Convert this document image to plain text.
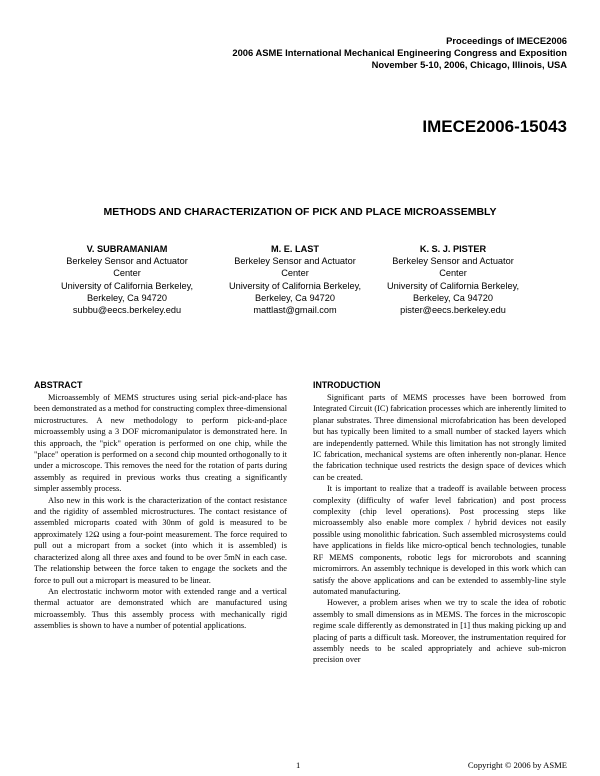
Proceedings of IMECE2006
2006 ASME International Mechanical Engineering Congress and Exposition
November 5-10, 2006, Chicago, Illinois, USA
IMECE2006-15043
METHODS AND CHARACTERIZATION OF PICK AND PLACE MICROASSEMBLY
V. SUBRAMANIAM
Berkeley Sensor and Actuator
Center
University of California Berkeley,
Berkeley, Ca 94720
subbu@eecs.berkeley.edu
M. E. LAST
Berkeley Sensor and Actuator
Center
University of California Berkeley,
Berkeley, Ca 94720
mattlast@gmail.com
K. S. J. PISTER
Berkeley Sensor and Actuator
Center
University of California Berkeley,
Berkeley, Ca 94720
pister@eecs.berkeley.edu
ABSTRACT

Microassembly of MEMS structures using serial pick-and-place has been demonstrated as a method for constructing complex three-dimensional microstructures. A new methodology to perform pick-and-place microassembly using a 3 DOF micromanipulator is demonstrated here. In this approach, the "pick" operation is performed on one chip, while the "place" operation is performed on a second chip mounted orthogonally to it under a microscope. This removes the need for the rotation of parts during assembly as required in previous works thus creating a significantly simpler assembly process.

Also new in this work is the characterization of the contact resistance and the rigidity of assembled microstructures. The contact resistance of assembled microparts coated with 30nm of gold is measured to be approximately 12Ω using a four-point measurement. The force required to pull out a micropart from a socket (into which it is assembled) is characterized along all three axes and found to be over 5mN in each case. The relationship between the force taken to engage the sockets and the force to pull out a micropart is measured to be linear.

An electrostatic inchworm motor with extended range and a vertical thermal actuator are demonstrated which are manufactured using microassembly. Thus this assembly process with mechanically rigid assemblies is shown to have a number of potential applications.

INTRODUCTION

Significant parts of MEMS processes have been borrowed from Integrated Circuit (IC) fabrication processes which are inherently limited to planar substrates. Three dimensional microfabrication has been developed but has typically been limited to a small number of stacked layers which are independently patterned. While this limitation has not strongly limited IC fabrication, mechanical systems are often inherently non-planar. Hence the fabrication technique used restricts the design space of devices which can be created.

It is important to realize that a tradeoff is available between process complexity (difficulty of wafer level fabrication) and post process complexity (chip level operations). Post processing steps like microassembly also enable more complex / hybrid devices not easily possible using monolithic fabrication. Such assembled microsystems could have applications in fields like micro-optical bench technologies, tunable RF MEMS components, robotic legs for microrobots and scanning micromirrors. An assembly technique is developed in this work which can satisfy the above applications and can be extended to assembly-line style automated manufacturing.

However, a problem arises when we try to scale the idea of robotic assembly to small dimensions as in MEMS. The forces in the microscopic regime scale differently as demonstrated in [1] thus making picking up and placing of parts a difficult task. Moreover, the instrumentation required for assembly needs to be scaled appropriately and achieve sub-micron precision over

1	Copyright © 2006 by ASME
